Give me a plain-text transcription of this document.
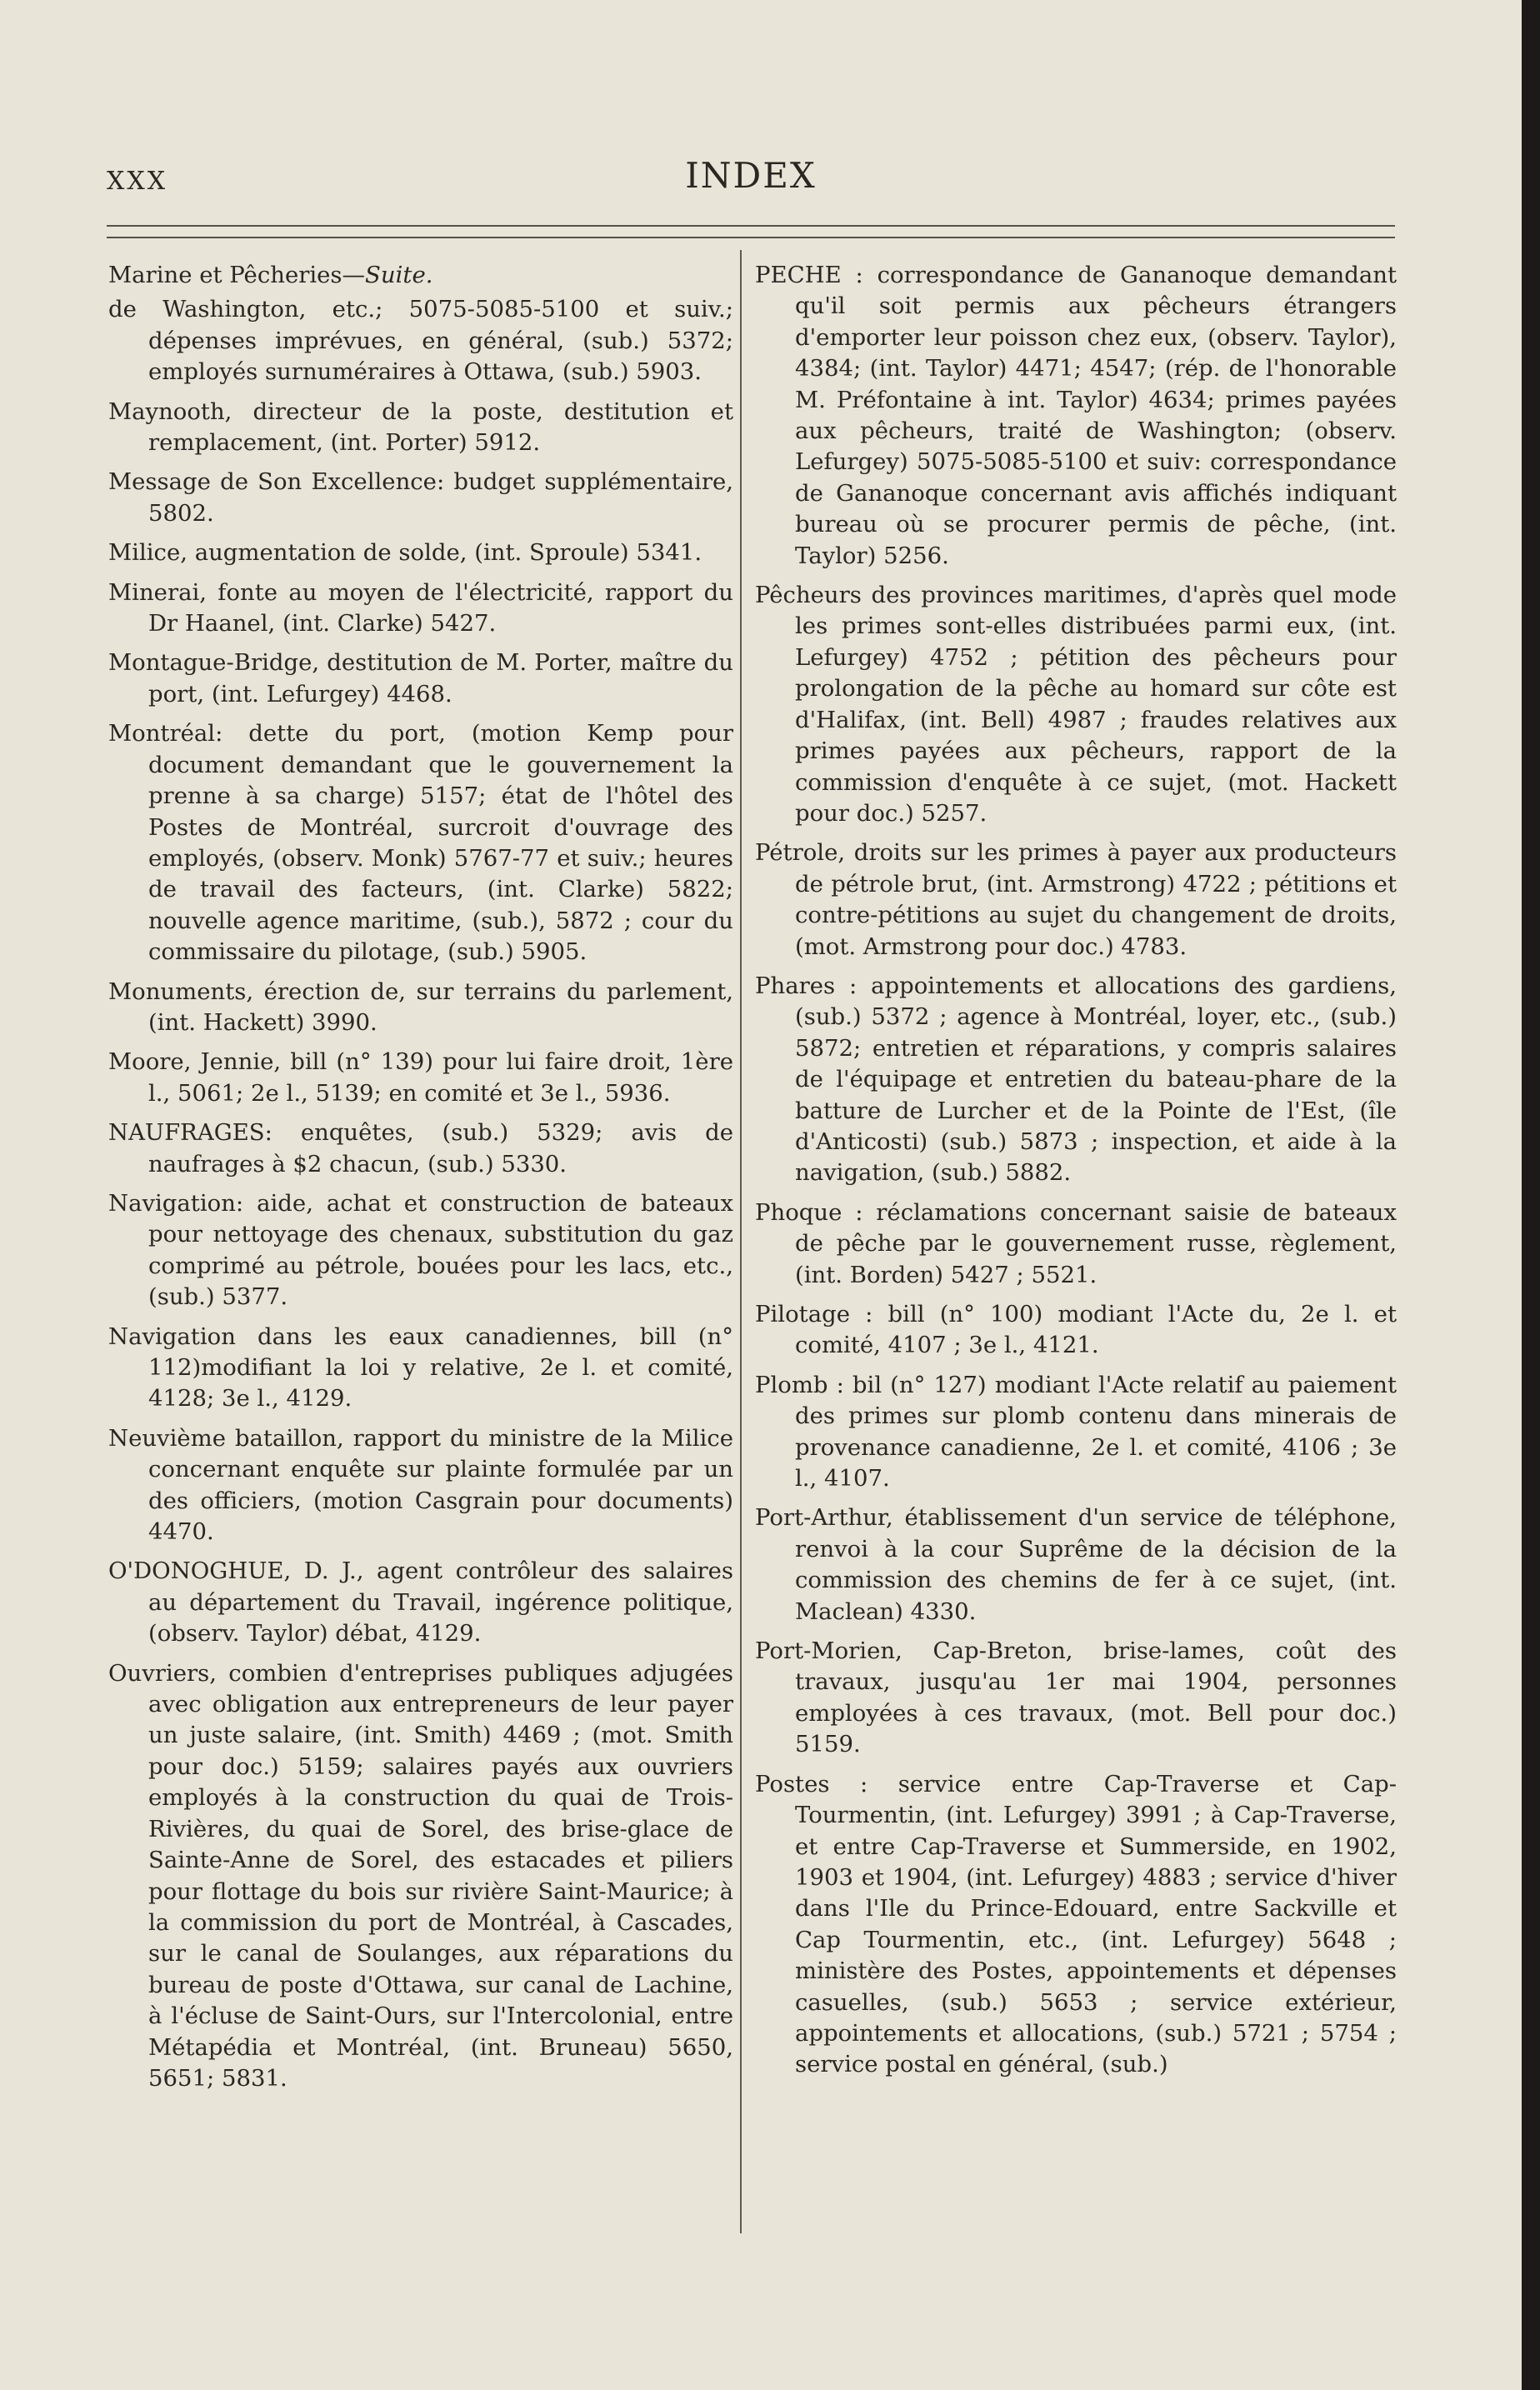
XXX	INDEX
Marine et Pêcheries—Suite.
de Washington, etc.; 5075-5085-5100 et suiv.; dépenses imprévues, en général, (sub.) 5372; employés surnuméraires à Ottawa, (sub.) 5903.
Maynooth, directeur de la poste, destitution et remplacement, (int. Porter) 5912.
Message de Son Excellence: budget supplémentaire, 5802.
Milice, augmentation de solde, (int. Sproule) 5341.
Minerai, fonte au moyen de l'électricité, rapport du Dr Haanel, (int. Clarke) 5427.
Montague-Bridge, destitution de M. Porter, maître du port, (int. Lefurgey) 4468.
Montréal: dette du port, (motion Kemp pour document demandant que le gouvernement la prenne à sa charge) 5157; état de l'hôtel des Postes de Montréal, surcroit d'ouvrage des employés, (observ. Monk) 5767-77 et suiv.; heures de travail des facteurs, (int. Clarke) 5822; nouvelle agence maritime, (sub.), 5872 ; cour du commissaire du pilotage, (sub.) 5905.
Monuments, érection de, sur terrains du parlement, (int. Hackett) 3990.
Moore, Jennie, bill (n° 139) pour lui faire droit, 1ère l., 5061; 2e l., 5139; en comité et 3e l., 5936.
NAUFRAGES: enquêtes, (sub.) 5329; avis de naufrages à $2 chacun, (sub.) 5330.
Navigation: aide, achat et construction de bateaux pour nettoyage des chenaux, substitution du gaz comprimé au pétrole, bouées pour les lacs, etc., (sub.) 5377.
Navigation dans les eaux canadiennes, bill (n° 112)modifiant la loi y relative, 2e l. et comité, 4128; 3e l., 4129.
Neuvième bataillon, rapport du ministre de la Milice concernant enquête sur plainte formulée par un des officiers, (motion Casgrain pour documents) 4470.
O'DONOGHUE, D. J., agent contrôleur des salaires au département du Travail, ingérence politique, (observ. Taylor) débat, 4129.
Ouvriers, combien d'entreprises publiques adjugées avec obligation aux entrepreneurs de leur payer un juste salaire, (int. Smith) 4469 ; (mot. Smith pour doc.) 5159; salaires payés aux ouvriers employés à la construction du quai de Trois-Rivières, du quai de Sorel, des brise-glace de Sainte-Anne de Sorel, des estacades et piliers pour flottage du bois sur rivière Saint-Maurice; à la commission du port de Montréal, à Cascades, sur le canal de Soulanges, aux réparations du bureau de poste d'Ottawa, sur canal de Lachine, à l'écluse de Saint-Ours, sur l'Intercolonial, entre Métapédia et Montréal, (int. Bruneau) 5650, 5651; 5831.
PECHE : correspondance de Gananoque demandant qu'il soit permis aux pêcheurs étrangers d'emporter leur poisson chez eux, (observ. Taylor), 4384; (int. Taylor) 4471; 4547; (rép. de l'honorable M. Préfontaine à int. Taylor) 4634; primes payées aux pêcheurs, traité de Washington; (observ. Lefurgey) 5075-5085-5100 et suiv: correspondance de Gananoque concernant avis affichés indiquant bureau où se procurer permis de pêche, (int. Taylor) 5256.
Pêcheurs des provinces maritimes, d'après quel mode les primes sont-elles distribuées parmi eux, (int. Lefurgey) 4752 ; pétition des pêcheurs pour prolongation de la pêche au homard sur côte est d'Halifax, (int. Bell) 4987 ; fraudes relatives aux primes payées aux pêcheurs, rapport de la commission d'enquête à ce sujet, (mot. Hackett pour doc.) 5257.
Pétrole, droits sur les primes à payer aux producteurs de pétrole brut, (int. Armstrong) 4722 ; pétitions et contre-pétitions au sujet du changement de droits, (mot. Armstrong pour doc.) 4783.
Phares : appointements et allocations des gardiens, (sub.) 5372 ; agence à Montréal, loyer, etc., (sub.) 5872; entretien et réparations, y compris salaires de l'équipage et entretien du bateau-phare de la batture de Lurcher et de la Pointe de l'Est, (île d'Anticosti) (sub.) 5873 ; inspection, et aide à la navigation, (sub.) 5882.
Phoque : réclamations concernant saisie de bateaux de pêche par le gouvernement russe, règlement, (int. Borden) 5427 ; 5521.
Pilotage : bill (n° 100) modiant l'Acte du, 2e l. et comité, 4107 ; 3e l., 4121.
Plomb : bil (n° 127) modiant l'Acte relatif au paiement des primes sur plomb contenu dans minerais de provenance canadienne, 2e l. et comité, 4106 ; 3e l., 4107.
Port-Arthur, établissement d'un service de téléphone, renvoi à la cour Suprême de la décision de la commission des chemins de fer à ce sujet, (int. Maclean) 4330.
Port-Morien, Cap-Breton, brise-lames, coût des travaux, jusqu'au 1er mai 1904, personnes employées à ces travaux, (mot. Bell pour doc.) 5159.
Postes : service entre Cap-Traverse et Cap-Tourmentin, (int. Lefurgey) 3991 ; à Cap-Traverse, et entre Cap-Traverse et Summerside, en 1902, 1903 et 1904, (int. Lefurgey) 4883 ; service d'hiver dans l'Ile du Prince-Edouard, entre Sackville et Cap Tourmentin, etc., (int. Lefurgey) 5648 ; ministère des Postes, appointements et dépenses casuelles, (sub.) 5653 ; service extérieur, appointements et allocations, (sub.) 5721 ; 5754 ; service postal en général, (sub.)
